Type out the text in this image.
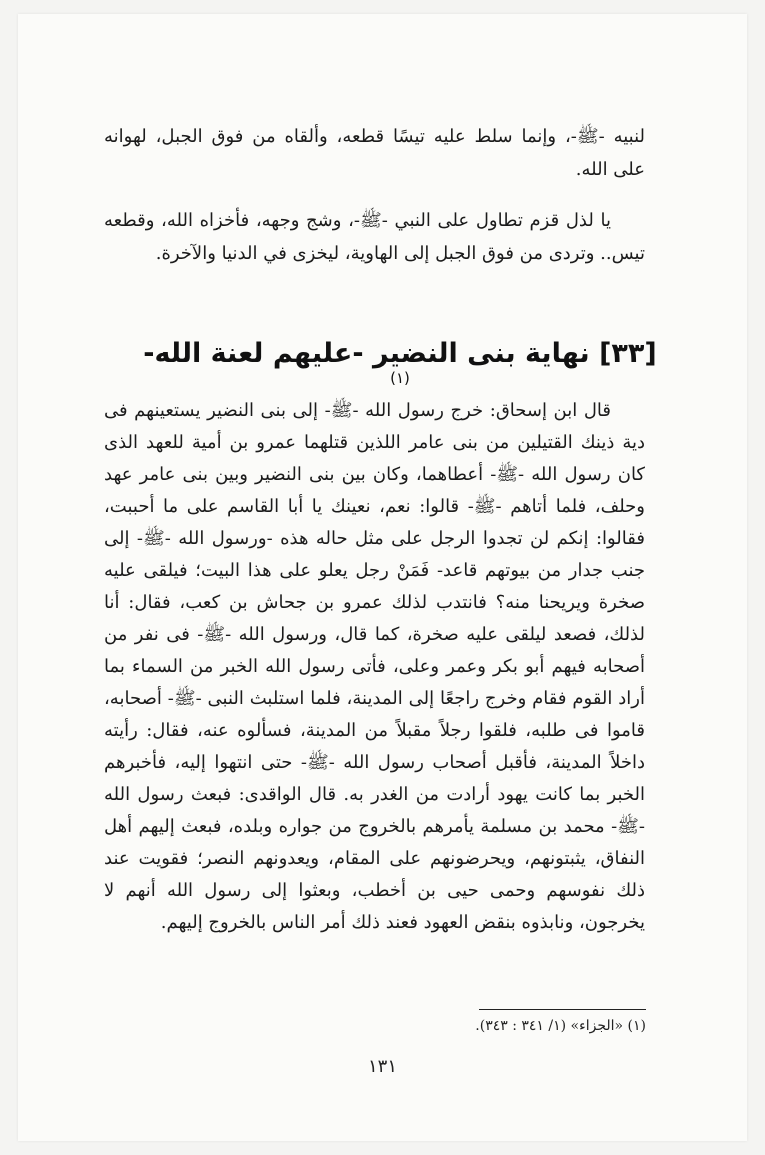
لنبيه -ﷺ-، وإنما سلط عليه تيسًا قطعه، وألقاه من فوق الجبل، لهوانه على الله.

يا لذل قزم تطاول على النبي -ﷺ-، وشج وجهه، فأخزاه الله، وقطعه تيس.. وتردى من فوق الجبل إلى الهاوية، ليخزى في الدنيا والآخرة.

[٣٣] نهاية بنى النضير -عليهم لعنة الله-$^{(١)}$

قال ابن إسحاق: خرج رسول الله -ﷺ- إلى بنى النضير يستعينهم فى دية ذينك القتيلين من بنى عامر اللذين قتلهما عمرو بن أمية للعهد الذى كان رسول الله -ﷺ- أعطاهما، وكان بين بنى النضير وبين بنى عامر عهد وحلف، فلما أتاهم -ﷺ- قالوا: نعم، نعينك يا أبا القاسم على ما أحببت، فقالوا: إنكم لن تجدوا الرجل على مثل حاله هذه -ورسول الله -ﷺ- إلى جنب جدار من بيوتهم قاعد- فَمَنْ رجل يعلو على هذا البيت؛ فيلقى عليه صخرة ويريحنا منه؟ فانتدب لذلك عمرو بن جحاش بن كعب، فقال: أنا لذلك، فصعد ليلقى عليه صخرة، كما قال، ورسول الله -ﷺ- فى نفر من أصحابه فيهم أبو بكر وعمر وعلى، فأتى رسول الله الخبر من السماء بما أراد القوم فقام وخرج راجعًا إلى المدينة، فلما استلبث النبى -ﷺ- أصحابه، قاموا فى طلبه، فلقوا رجلاً مقبلاً من المدينة، فسألوه عنه، فقال: رأيته داخلاً المدينة، فأقبل أصحاب رسول الله -ﷺ- حتى انتهوا إليه، فأخبرهم الخبر بما كانت يهود أرادت من الغدر به. قال الواقدى: فبعث رسول الله -ﷺ- محمد بن مسلمة يأمرهم بالخروج من جواره وبلده، فبعث إليهم أهل النفاق، يثبتونهم، ويحرضونهم على المقام، ويعدونهم النصر؛ فقويت عند ذلك نفوسهم وحمى حيى بن أخطب، وبعثوا إلى رسول الله أنهم لا يخرجون، ونابذوه بنقض العهود فعند ذلك أمر الناس بالخروج إليهم.

(١) «الجزاء» (١/ ٣٤١ : ٣٤٣).
١٣١
